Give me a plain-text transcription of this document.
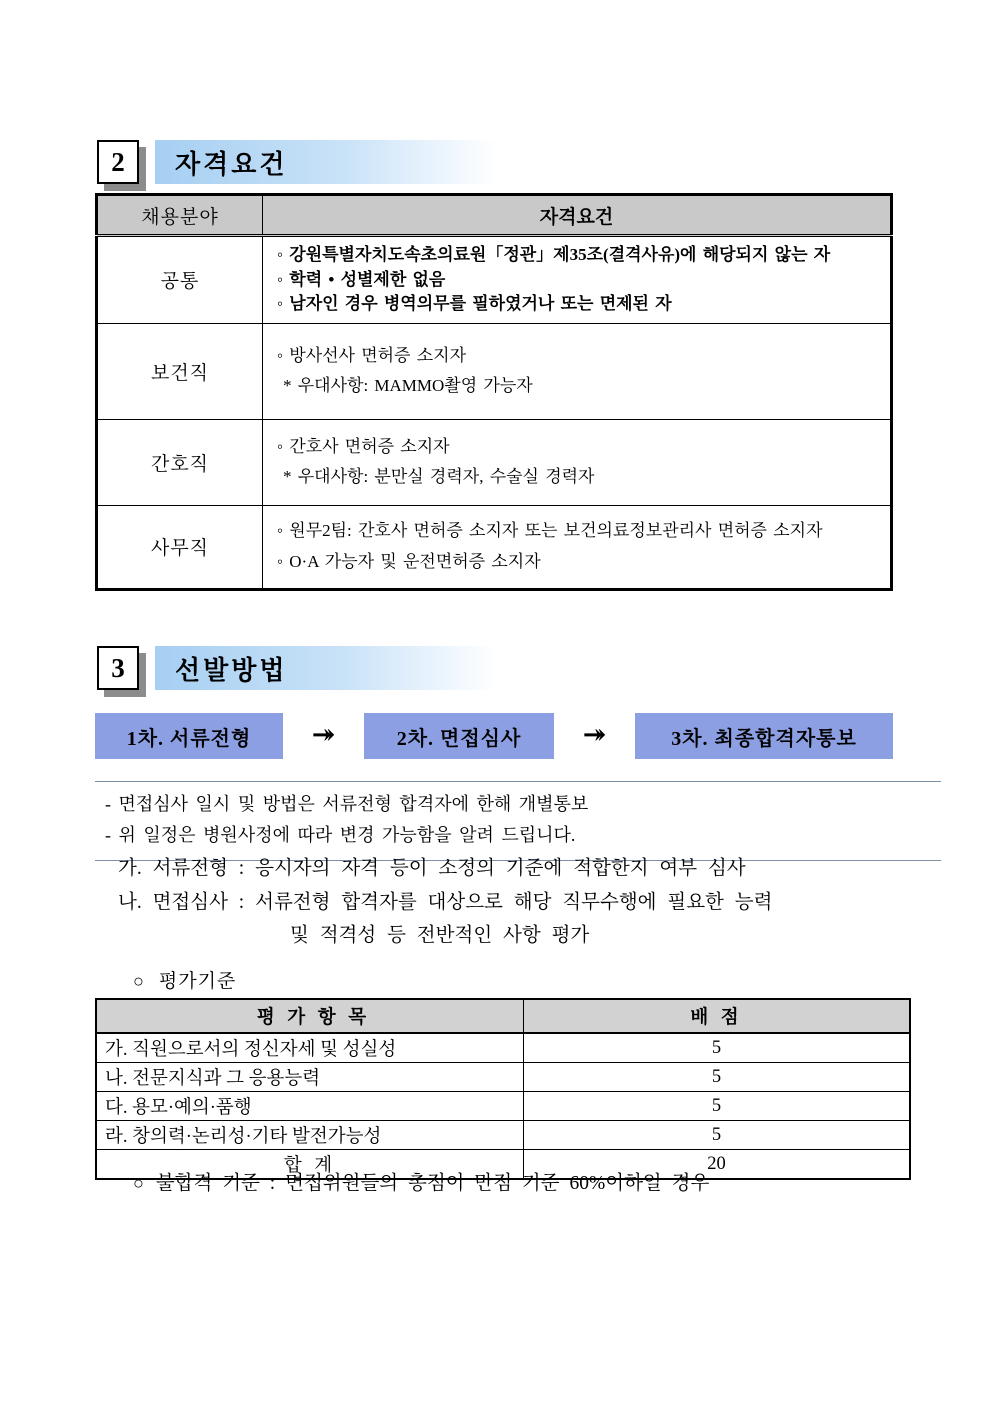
2	자격요건
채용분야	자격요건
공통	◦ 강원특별자치도속초의료원「정관」제35조(결격사유)에 해당되지 않는 자
◦ 학력 • 성별제한 없음
◦ 남자인 경우 병역의무를 필하였거나 또는 면제된 자

보건직	◦ 방사선사 면허증 소지자
* 우대사항: MAMMO촬영 가능자

간호직	◦ 간호사 면허증 소지자
* 우대사항: 분만실 경력자, 수술실 경력자

사무직	◦ 원무2팀: 간호사 면허증 소지자 또는 보건의료정보관리사 면허증 소지자
◦ O·A 가능자 및 운전면허증 소지자
3	선발방법
1차. 서류전형	↠	2차. 면접심사	↠	3차. 최종합격자통보
- 면접심사 일시 및 방법은 서류전형 합격자에 한해 개별통보
- 위 일정은 병원사정에 따라 변경 가능함을 알려 드립니다.
가. 서류전형 : 응시자의 자격 등이 소정의 기준에 적합한지 여부 심사
나. 면접심사 : 서류전형 합격자를 대상으로 해당 직무수행에 필요한 능력
및 적격성 등 전반적인 사항 평가
○ 평가기준
평 가 항 목	배 점
가. 직원으로서의 정신자세 및 성실성	5
나. 전문지식과 그 응용능력	5
다. 용모·예의·품행	5
라. 창의력·논리성·기타 발전가능성	5
합 계	20
○ 불합격 기준 : 면접위원들의 총점이 만점 기준 60%이하일 경우
